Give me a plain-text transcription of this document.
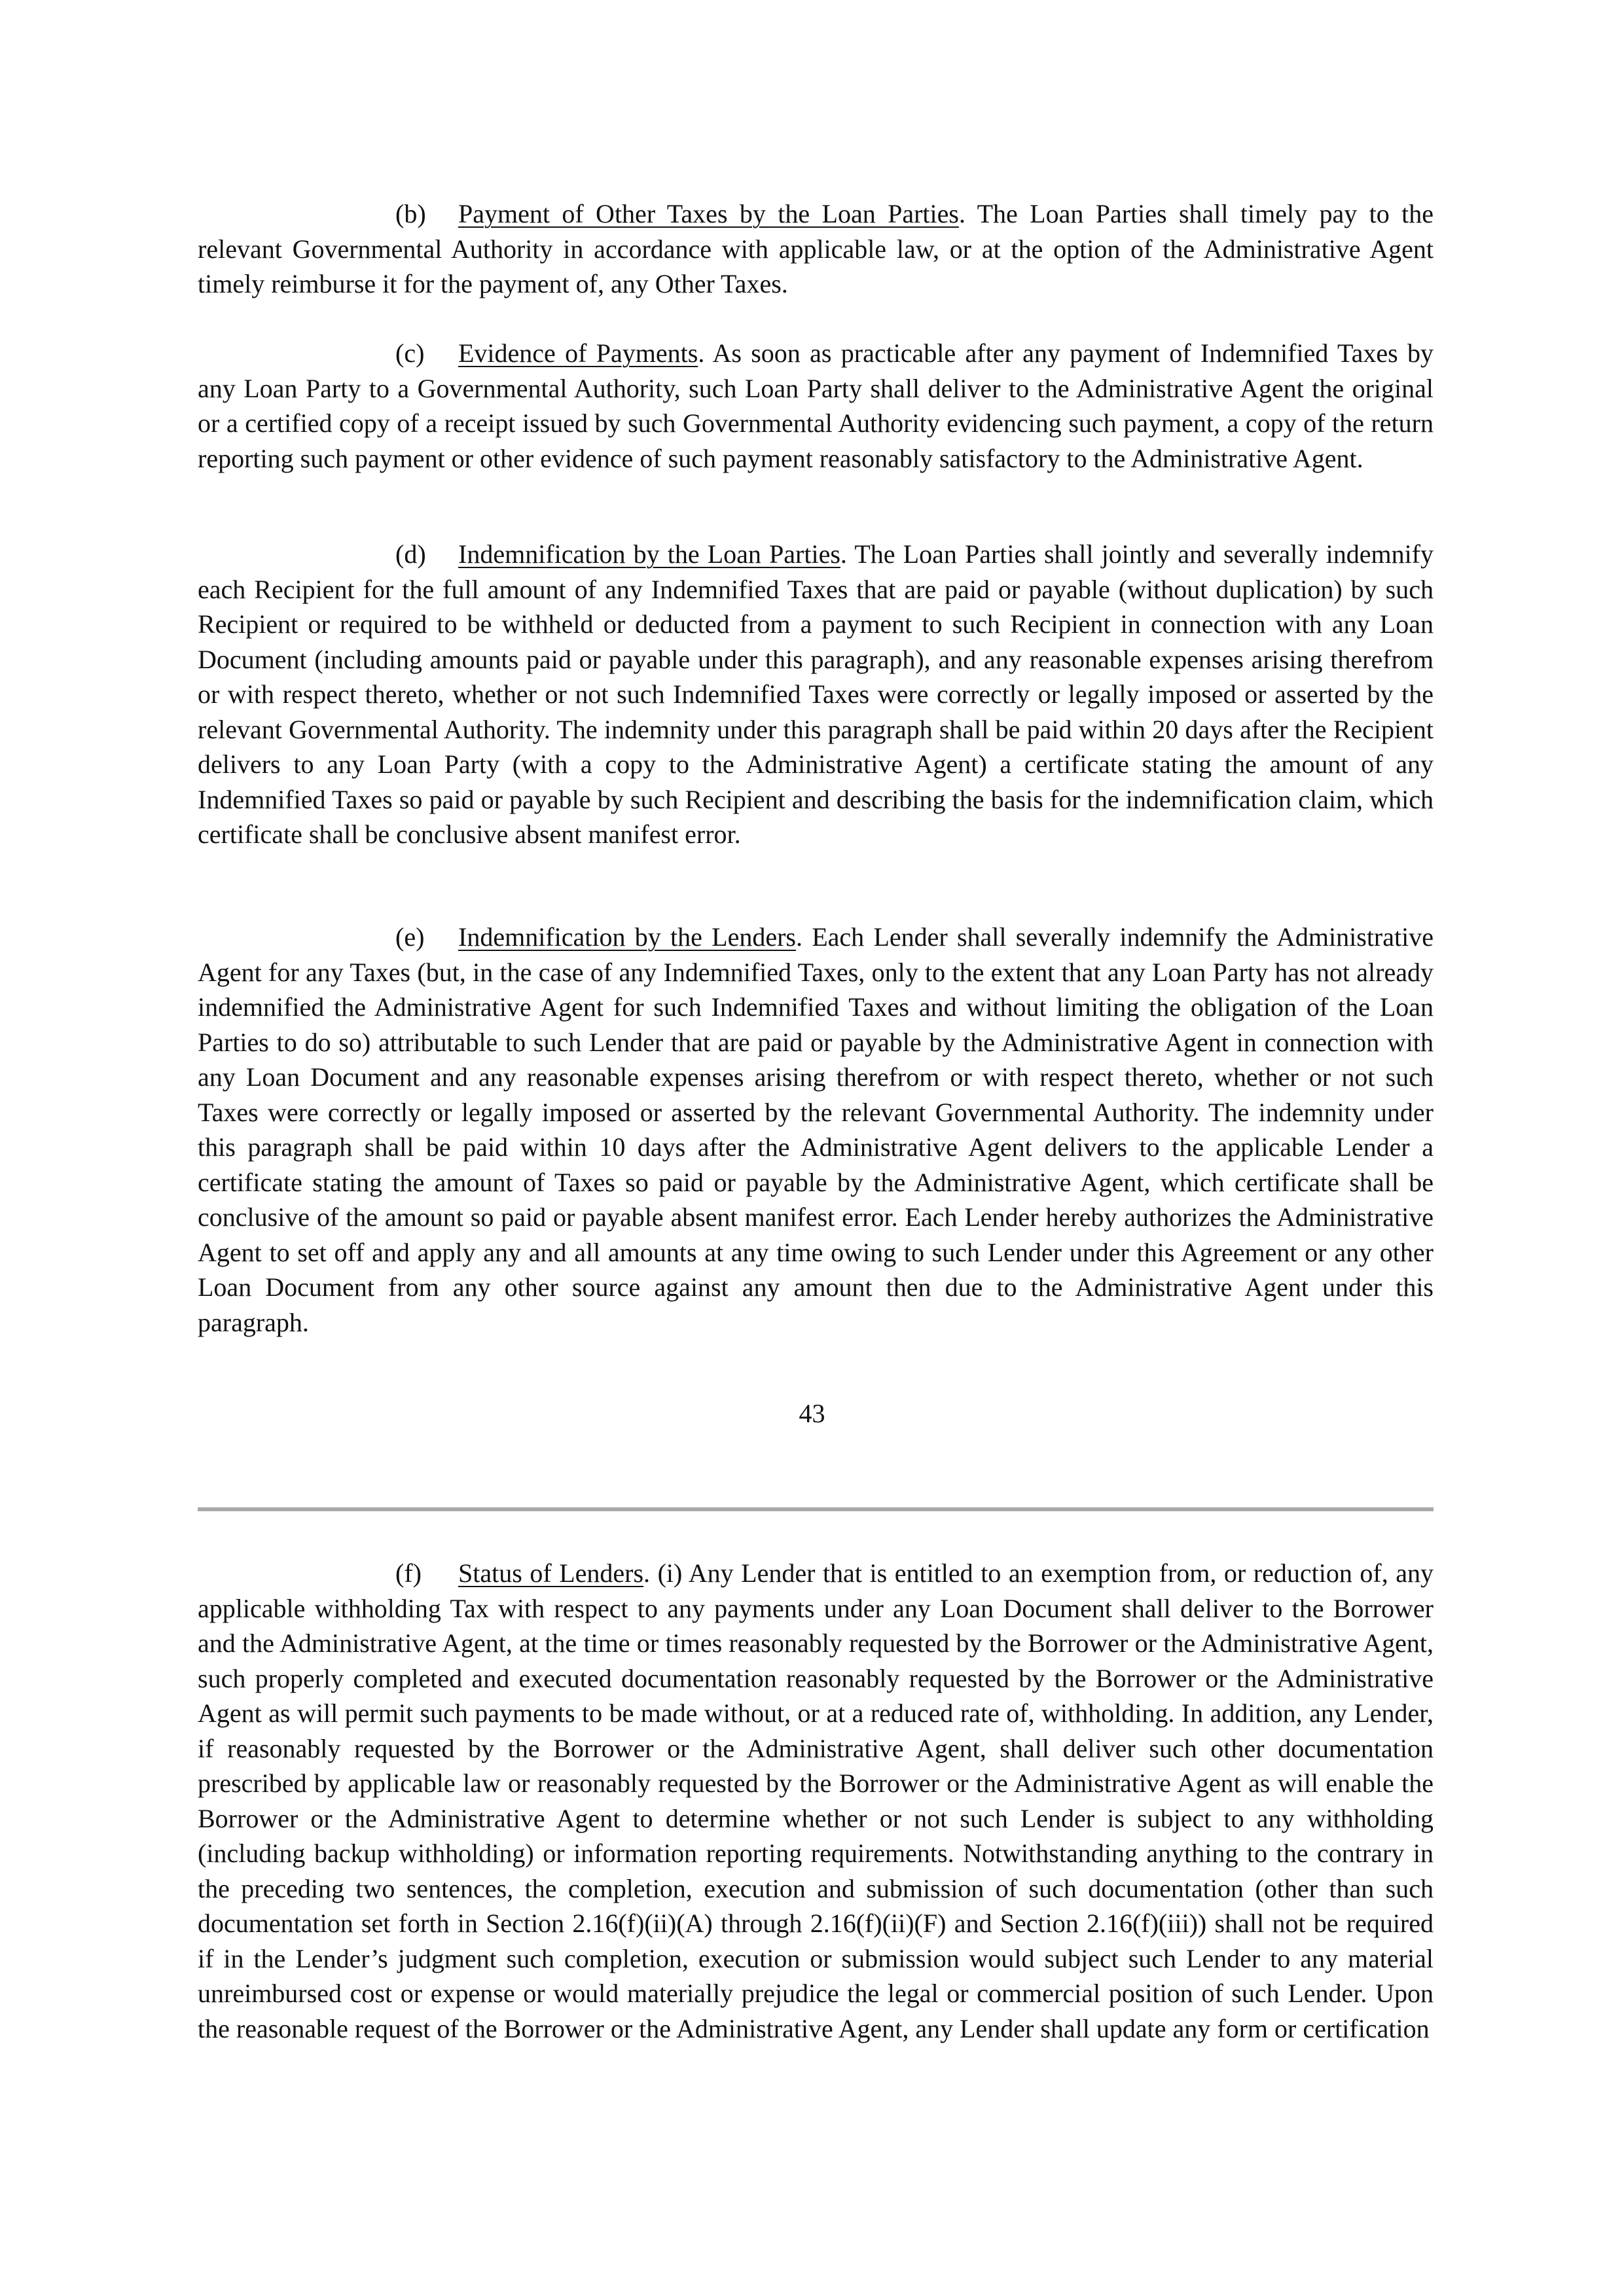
(b) Payment of Other Taxes by the Loan Parties. The Loan Parties shall timely pay to the relevant Governmental Authority in accordance with applicable law, or at the option of the Administrative Agent timely reimburse it for the payment of, any Other Taxes.

(c) Evidence of Payments. As soon as practicable after any payment of Indemnified Taxes by any Loan Party to a Governmental Authority, such Loan Party shall deliver to the Administrative Agent the original or a certified copy of a receipt issued by such Governmental Authority evidencing such payment, a copy of the return reporting such payment or other evidence of such payment reasonably satisfactory to the Administrative Agent.

(d) Indemnification by the Loan Parties. The Loan Parties shall jointly and severally indemnify each Recipient for the full amount of any Indemnified Taxes that are paid or payable (without duplication) by such Recipient or required to be withheld or deducted from a payment to such Recipient in connection with any Loan Document (including amounts paid or payable under this paragraph), and any reasonable expenses arising therefrom or with respect thereto, whether or not such Indemnified Taxes were correctly or legally imposed or asserted by the relevant Governmental Authority. The indemnity under this paragraph shall be paid within 20 days after the Recipient delivers to any Loan Party (with a copy to the Administrative Agent) a certificate stating the amount of any Indemnified Taxes so paid or payable by such Recipient and describing the basis for the indemnification claim, which certificate shall be conclusive absent manifest error.

(e) Indemnification by the Lenders. Each Lender shall severally indemnify the Administrative Agent for any Taxes (but, in the case of any Indemnified Taxes, only to the extent that any Loan Party has not already indemnified the Administrative Agent for such Indemnified Taxes and without limiting the obligation of the Loan Parties to do so) attributable to such Lender that are paid or payable by the Administrative Agent in connection with any Loan Document and any reasonable expenses arising therefrom or with respect thereto, whether or not such Taxes were correctly or legally imposed or asserted by the relevant Governmental Authority. The indemnity under this paragraph shall be paid within 10 days after the Administrative Agent delivers to the applicable Lender a certificate stating the amount of Taxes so paid or payable by the Administrative Agent, which certificate shall be conclusive of the amount so paid or payable absent manifest error. Each Lender hereby authorizes the Administrative Agent to set off and apply any and all amounts at any time owing to such Lender under this Agreement or any other Loan Document from any other source against any amount then due to the Administrative Agent under this paragraph.

43

(f) Status of Lenders. (i) Any Lender that is entitled to an exemption from, or reduction of, any applicable withholding Tax with respect to any payments under any Loan Document shall deliver to the Borrower and the Administrative Agent, at the time or times reasonably requested by the Borrower or the Administrative Agent, such properly completed and executed documentation reasonably requested by the Borrower or the Administrative Agent as will permit such payments to be made without, or at a reduced rate of, withholding. In addition, any Lender, if reasonably requested by the Borrower or the Administrative Agent, shall deliver such other documentation prescribed by applicable law or reasonably requested by the Borrower or the Administrative Agent as will enable the Borrower or the Administrative Agent to determine whether or not such Lender is subject to any withholding (including backup withholding) or information reporting requirements. Notwithstanding anything to the contrary in the preceding two sentences, the completion, execution and submission of such documentation (other than such documentation set forth in Section 2.16(f)(ii)(A) through 2.16(f)(ii)(F) and Section 2.16(f)(iii)) shall not be required if in the Lender’s judgment such completion, execution or submission would subject such Lender to any material unreimbursed cost or expense or would materially prejudice the legal or commercial position of such Lender. Upon the reasonable request of the Borrower or the Administrative Agent, any Lender shall update any form or certification
